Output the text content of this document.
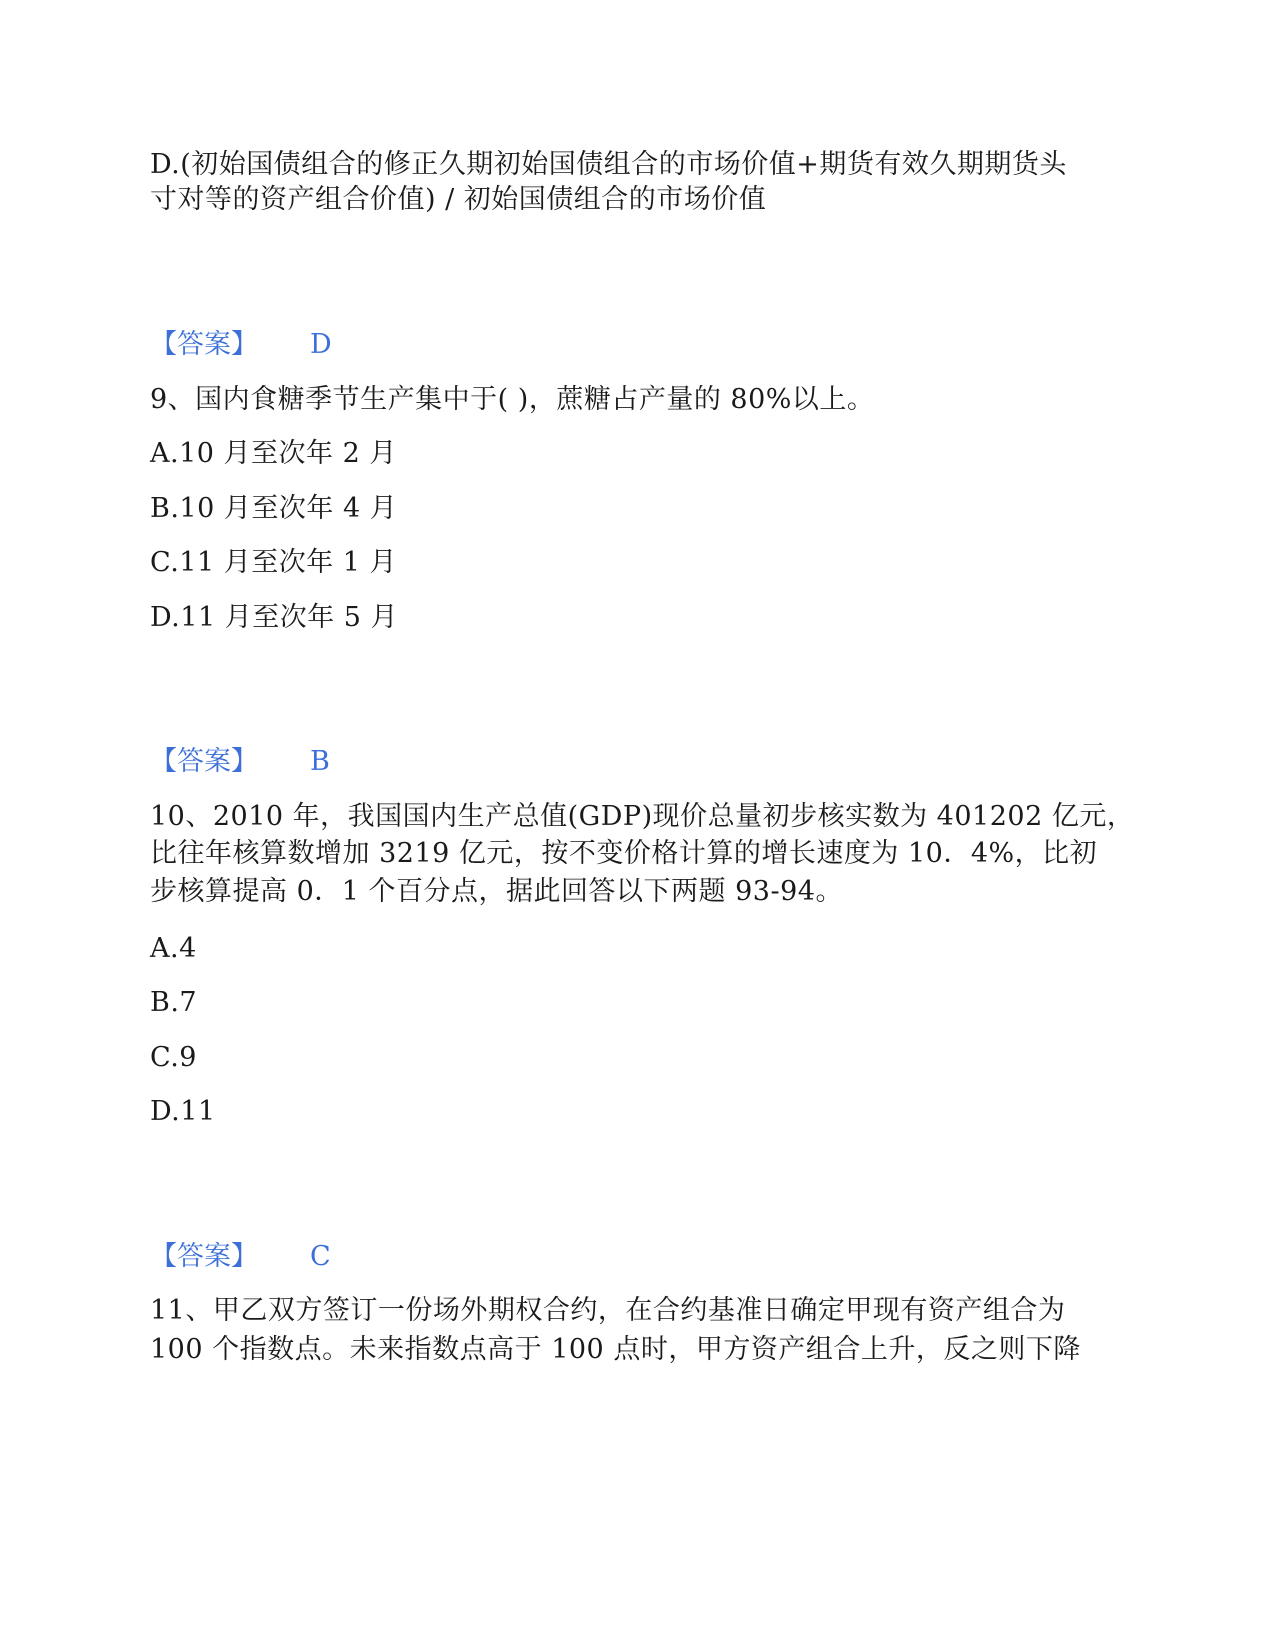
D.(初始国债组合的修正久期初始国债组合的市场价值+期货有效久期期货头
寸对等的资产组合价值) / 初始国债组合的市场价值
【答案】 D
9、国内食糖季节生产集中于( )，蔗糖占产量的 80%以上。
A.10 月至次年 2 月
B.10 月至次年 4 月
C.11 月至次年 1 月
D.11 月至次年 5 月
【答案】 B
10、2010 年，我国国内生产总值(GDP)现价总量初步核实数为 401202 亿元，
比往年核算数增加 3219 亿元，按不变价格计算的增长速度为 10．4%，比初
步核算提高 0．1 个百分点，据此回答以下两题 93-94。
A.4
B.7
C.9
D.11
【答案】 C
11、甲乙双方签订一份场外期权合约，在合约基准日确定甲现有资产组合为
100 个指数点。未来指数点高于 100 点时，甲方资产组合上升，反之则下降
